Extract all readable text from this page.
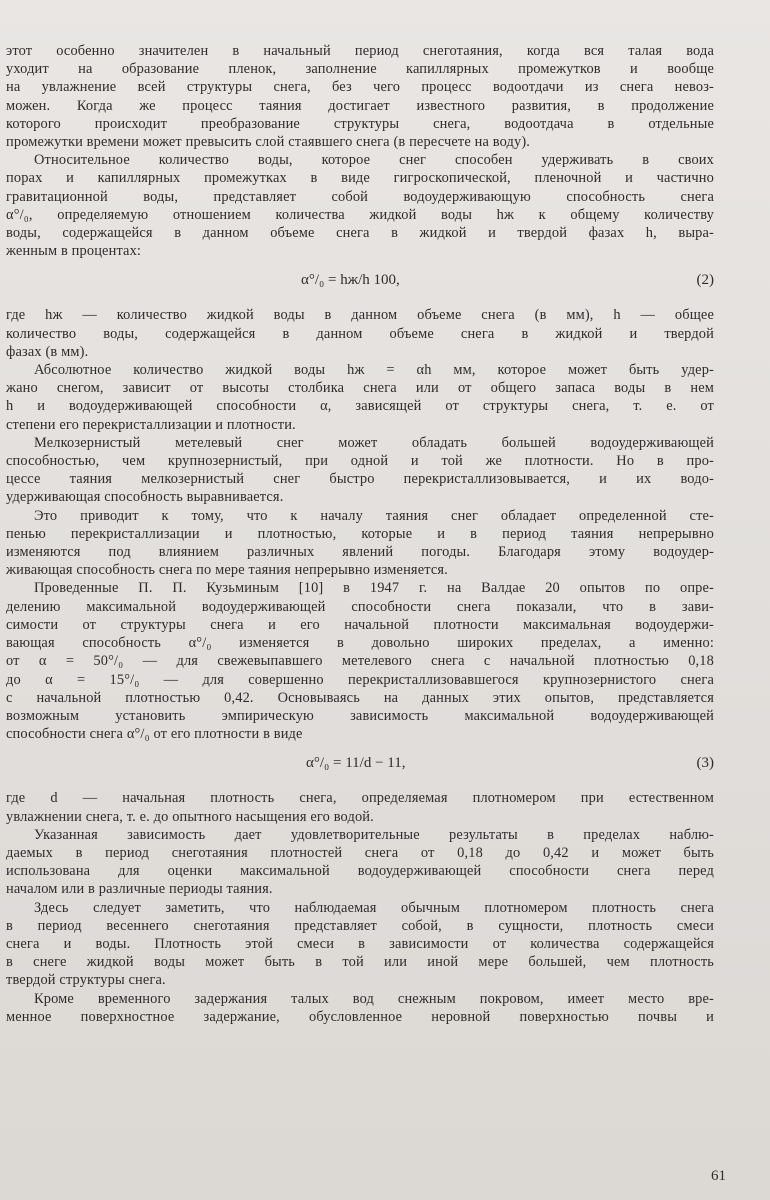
этот особенно значителен в начальный период снеготаяния, когда вся талая вода

уходит на образование пленок, заполнение капиллярных промежутков и вообще

на увлажнение всей структуры снега, без чего процесс водоотдачи из снега невоз-

можен. Когда же процесс таяния достигает известного развития, в продолжение

которого происходит преобразование структуры снега, водоотдача в отдельные

промежутки времени может превысить слой стаявшего снега (в пересчете на воду).

Относительное количество воды, которое снег способен удерживать в своих

порах и капиллярных промежутках в виде гигроскопической, пленочной и частично

гравитационной воды, представляет собой водоудерживающую способность снега

α°/₀, определяемую отношением количества жидкой воды hж к общему количеству

воды, содержащейся в данном объеме снега в жидкой и твердой фазах h, выра-

женным в процентах:

α°/₀ = hж/h 100,	(2)

где hж — количество жидкой воды в данном объеме снега (в мм), h — общее

количество воды, содержащейся в данном объеме снега в жидкой и твердой

фазах (в мм).

Абсолютное количество жидкой воды hж = αh мм, которое может быть удер-

жано снегом, зависит от высоты столбика снега или от общего запаса воды в нем

h и водоудерживающей способности α, зависящей от структуры снега, т. е. от

степени его перекристаллизации и плотности.

Мелкозернистый метелевый снег может обладать большей водоудерживающей

способностью, чем крупнозернистый, при одной и той же плотности. Но в про-

цессе таяния мелкозернистый снег быстро перекристаллизовывается, и их водо-

удерживающая способность выравнивается.

Это приводит к тому, что к началу таяния снег обладает определенной сте-

пенью перекристаллизации и плотностью, которые и в период таяния непрерывно

изменяются под влиянием различных явлений погоды. Благодаря этому водоудер-

живающая способность снега по мере таяния непрерывно изменяется.

Проведенные П. П. Кузьминым [10] в 1947 г. на Валдае 20 опытов по опре-

делению максимальной водоудерживающей способности снега показали, что в зави-

симости от структуры снега и его начальной плотности максимальная водоудержи-

вающая способность α°/₀ изменяется в довольно широких пределах, а именно:

от α = 50°/₀ — для свежевыпавшего метелевого снега с начальной плотностью 0,18

до α = 15°/₀ — для совершенно перекристаллизовавшегося крупнозернистого снега

с начальной плотностью 0,42. Основываясь на данных этих опытов, представляется

возможным установить эмпирическую зависимость максимальной водоудерживающей

способности снега α°/₀ от его плотности в виде

α°/₀ = 11/d − 11,	(3)

где d — начальная плотность снега, определяемая плотномером при естественном

увлажнении снега, т. е. до опытного насыщения его водой.

Указанная зависимость дает удовлетворительные результаты в пределах наблю-

даемых в период снеготаяния плотностей снега от 0,18 до 0,42 и может быть

использована для оценки максимальной водоудерживающей способности снега перед

началом или в различные периоды таяния.

Здесь следует заметить, что наблюдаемая обычным плотномером плотность снега

в период весеннего снеготаяния представляет собой, в сущности, плотность смеси

снега и воды. Плотность этой смеси в зависимости от количества содержащейся

в снеге жидкой воды может быть в той или иной мере большей, чем плотность

твердой структуры снега.

Кроме временного задержания талых вод снежным покровом, имеет место вре-

менное поверхностное задержание, обусловленное неровной поверхностью почвы и

61
